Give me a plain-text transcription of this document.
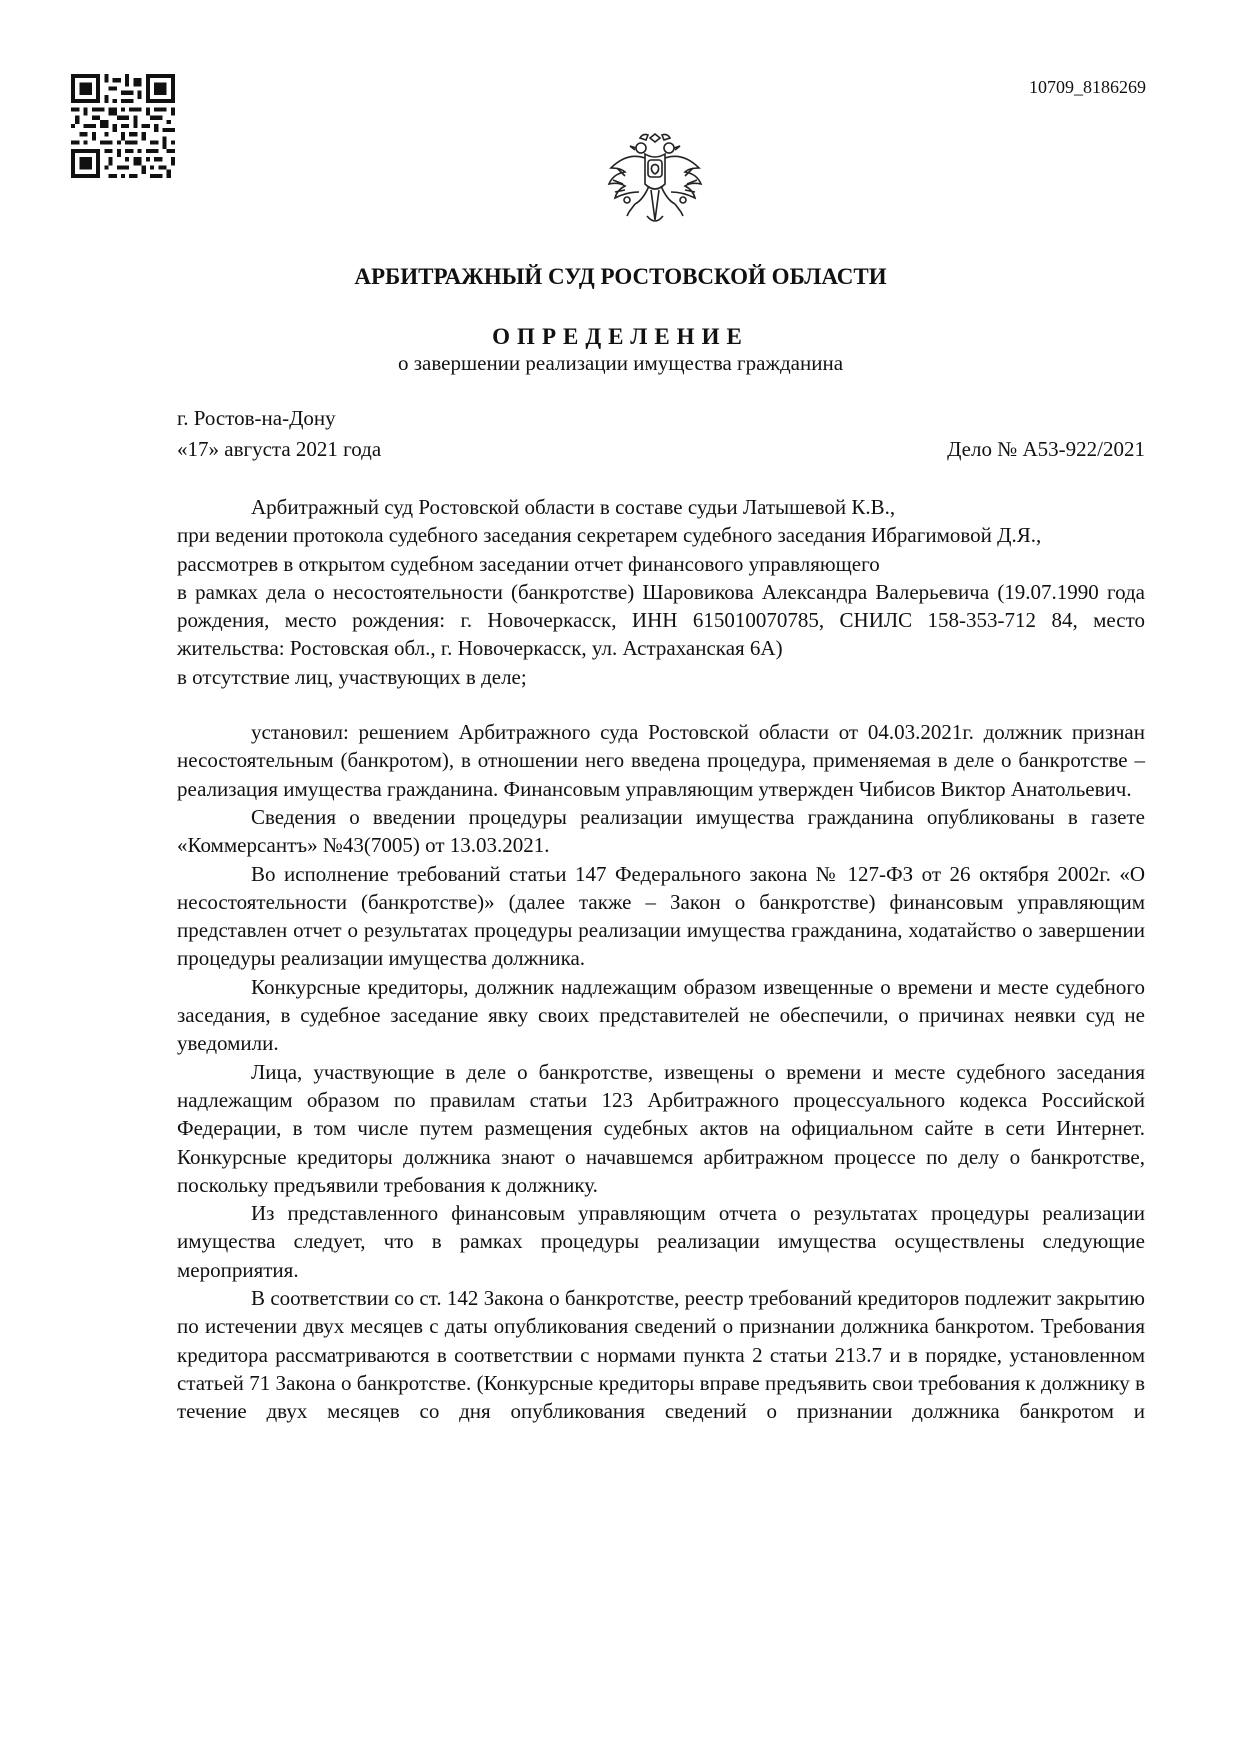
10709_8186269
АРБИТРАЖНЫЙ СУД РОСТОВСКОЙ ОБЛАСТИ
ОПРЕДЕЛЕНИЕ
о завершении реализации имущества гражданина
г. Ростов-на-Дону
«17» августа 2021 года	Дело № А53-922/2021

Арбитражный суд Ростовской области в составе судьи Латышевой К.В.,

при ведении протокола судебного заседания секретарем судебного заседания Ибрагимовой Д.Я.,

рассмотрев в открытом судебном заседании отчет финансового управляющего

в рамках дела о несостоятельности (банкротстве) Шаровикова Александра Валерьевича (19.07.1990 года рождения, место рождения: г. Новочеркасск, ИНН 615010070785, СНИЛС 158-353-712 84, место жительства: Ростовская обл., г. Новочеркасск, ул. Астраханская 6А)

в отсутствие лиц, участвующих в деле;

установил: решением Арбитражного суда Ростовской области от 04.03.2021г. должник признан несостоятельным (банкротом), в отношении него введена процедура, применяемая в деле о банкротстве – реализация имущества гражданина. Финансовым управляющим утвержден Чибисов Виктор Анатольевич.

Сведения о введении процедуры реализации имущества гражданина опубликованы в газете «Коммерсантъ» №43(7005) от 13.03.2021.

Во исполнение требований статьи 147 Федерального закона № 127-ФЗ от 26 октября 2002г. «О несостоятельности (банкротстве)» (далее также – Закон о банкротстве) финансовым управляющим представлен отчет о результатах процедуры реализации имущества гражданина, ходатайство о завершении процедуры реализации имущества должника.

Конкурсные кредиторы, должник надлежащим образом извещенные о времени и месте судебного заседания, в судебное заседание явку своих представителей не обеспечили, о причинах неявки суд не уведомили.

Лица, участвующие в деле о банкротстве, извещены о времени и месте судебного заседания надлежащим образом по правилам статьи 123 Арбитражного процессуального кодекса Российской Федерации, в том числе путем размещения судебных актов на официальном сайте в сети Интернет. Конкурсные кредиторы должника знают о начавшемся арбитражном процессе по делу о банкротстве, поскольку предъявили требования к должнику.

Из представленного финансовым управляющим отчета о результатах процедуры реализации имущества следует, что в рамках процедуры реализации имущества осуществлены следующие мероприятия.

В соответствии со ст. 142 Закона о банкротстве, реестр требований кредиторов подлежит закрытию по истечении двух месяцев с даты опубликования сведений о признании должника банкротом. Требования кредитора рассматриваются в соответствии с нормами пункта 2 статьи 213.7 и в порядке, установленном статьей 71 Закона о банкротстве. (Конкурсные кредиторы вправе предъявить свои требования к должнику в течение двух месяцев со дня опубликования сведений о признании должника банкротом и
